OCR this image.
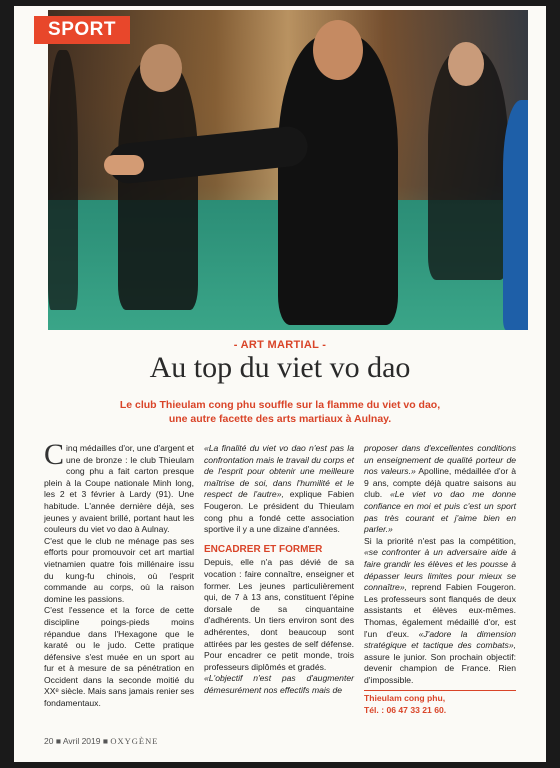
SPORT
- ART MARTIAL -
Au top du viet vo dao
Le club Thieulam cong phu souffle sur la flamme du viet vo dao,
une autre facette des arts martiaux à Aulnay.

Cinq médailles d'or, une d'argent et une de bronze : le club Thieulam cong phu a fait carton presque plein à la Coupe nationale Minh long, les 2 et 3 février à Lardy (91). Une habitude. L'année dernière déjà, ses jeunes y avaient brillé, portant haut les couleurs du viet vo dao à Aulnay.

C'est que le club ne ménage pas ses efforts pour promouvoir cet art martial vietnamien quatre fois millénaire issu du kung-fu chinois, où l'esprit commande au corps, où la raison domine les passions.

C'est l'essence et la force de cette discipline poings-pieds moins répandue dans l'Hexagone que le karaté ou le judo. Cette pratique défensive s'est muée en un sport au fur et à mesure de sa pénétration en Occident dans la seconde moitié du XXᵉ siècle. Mais sans jamais renier ses fondamentaux.

«La finalité du viet vo dao n'est pas la confrontation mais le travail du corps et de l'esprit pour obtenir une meilleure maîtrise de soi, dans l'humilité et le respect de l'autre», explique Fabien Fougeron. Le président du Thieulam cong phu a fondé cette association sportive il y a une dizaine d'années.

ENCADRER ET FORMER

Depuis, elle n'a pas dévié de sa vocation : faire connaître, enseigner et former. Les jeunes particulièrement qui, de 7 à 13 ans, constituent l'épine dorsale de sa cinquantaine d'adhérents. Un tiers environ sont des adhérentes, dont beaucoup sont attirées par les gestes de self défense. Pour encadrer ce petit monde, trois professeurs diplômés et gradés.

«L'objectif n'est pas d'augmenter démesurément nos effectifs mais de

proposer dans d'excellentes conditions un enseignement de qualité porteur de nos valeurs.» Apolline, médaillée d'or à 9 ans, compte déjà quatre saisons au club. «Le viet vo dao me donne confiance en moi et puis c'est un sport pas très courant et j'aime bien en parler.»

Si la priorité n'est pas la compétition, «se confronter à un adversaire aide à faire grandir les élèves et les pousse à dépasser leurs limites pour mieux se connaître», reprend Fabien Fougeron. Les professeurs sont flanqués de deux assistants et élèves eux-mêmes. Thomas, également médaillé d'or, est l'un d'eux. «J'adore la dimension stratégique et tactique des combats», assure le junior. Son prochain objectif: devenir champion de France. Rien d'impossible.

Thieulam cong phu,
Tél. : 06 47 33 21 60.
20 ■ Avril 2019 ■ OXYGÈNE
